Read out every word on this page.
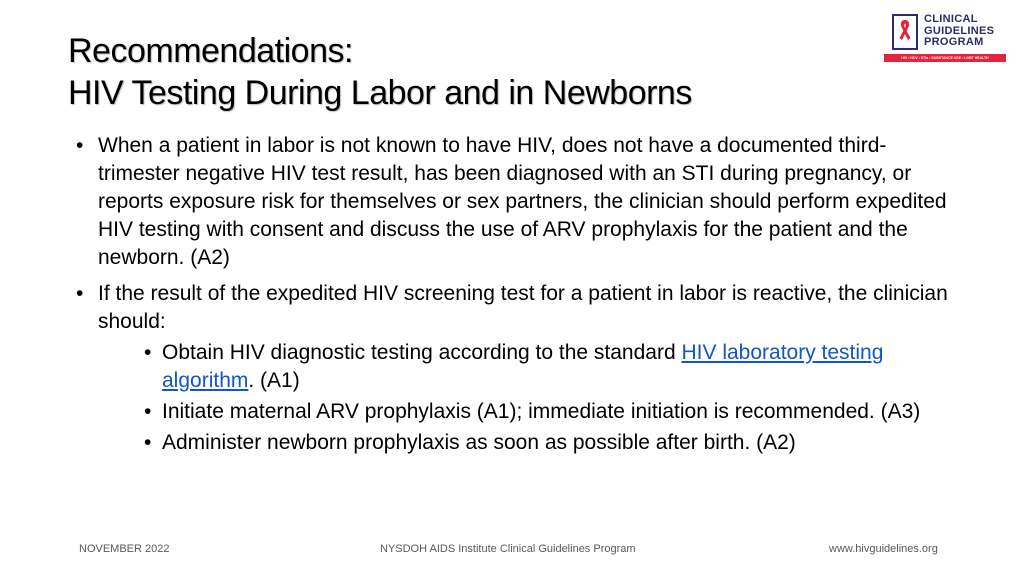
Recommendations:
HIV Testing During Labor and in Newborns
CLINICAL
GUIDELINES
PROGRAM
HIV • HCV • STIs • SUBSTANCE USE • LGBT HEALTH
• When a patient in labor is not known to have HIV, does not have a documented third-trimester negative HIV test result, has been diagnosed with an STI during pregnancy, or reports exposure risk for themselves or sex partners, the clinician should perform expedited HIV testing with consent and discuss the use of ARV prophylaxis for the patient and the newborn. (A2)
• If the result of the expedited HIV screening test for a patient in labor is reactive, the clinician should:
• Obtain HIV diagnostic testing according to the standard HIV laboratory testing algorithm. (A1)
• Initiate maternal ARV prophylaxis (A1); immediate initiation is recommended. (A3)
• Administer newborn prophylaxis as soon as possible after birth. (A2)
NOVEMBER 2022	NYSDOH AIDS Institute Clinical Guidelines Program	www.hivguidelines.org
